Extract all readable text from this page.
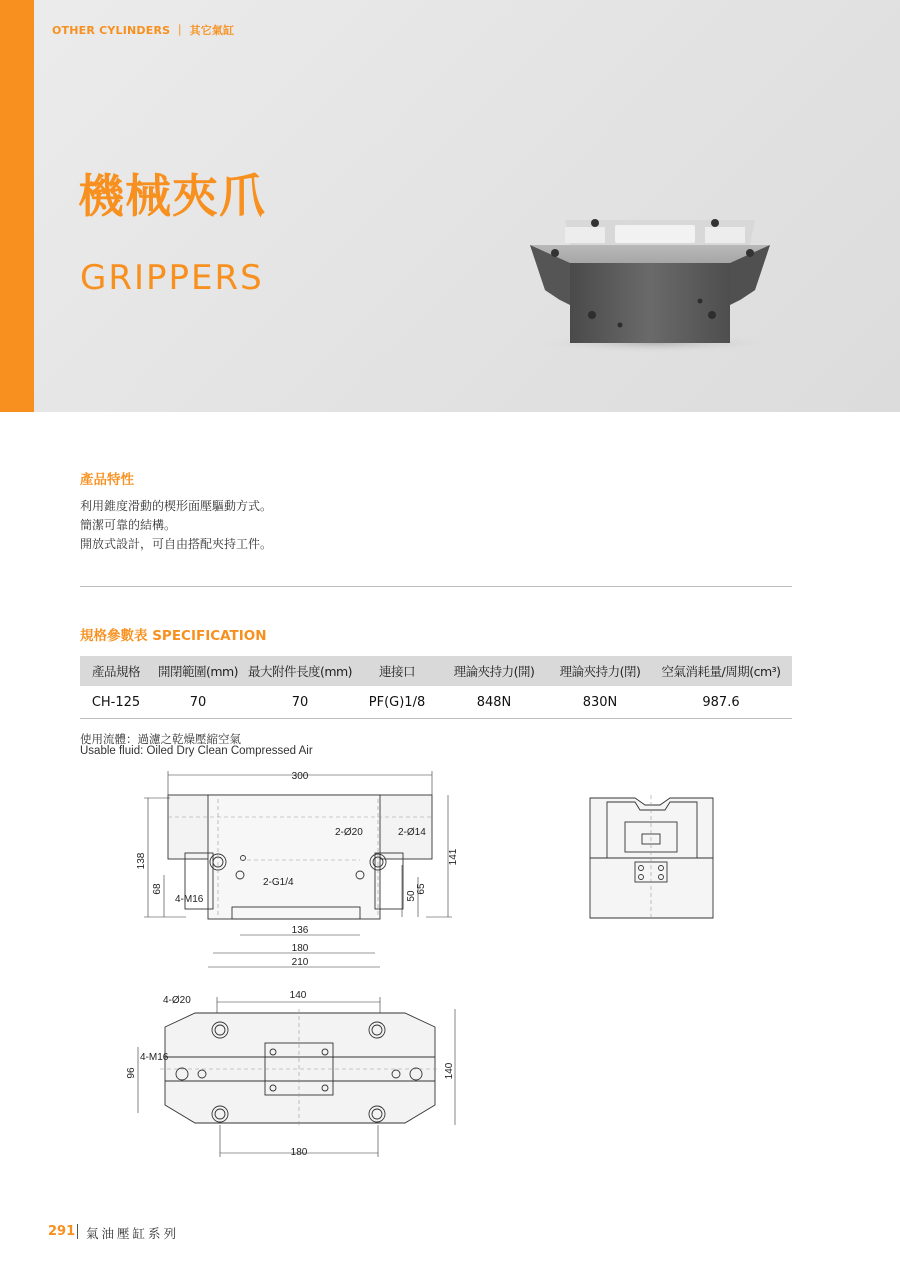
OTHER CYLINDERS ｜ 其它氣缸
機械夾爪
GRIPPERS
產品特性
利用錐度滑動的楔形面壓驅動方式。
簡潔可靠的結構。
開放式設計，可自由搭配夾持工件。
規格參數表 SPECIFICATION
產品規格	開閉範圍(mm)	最大附件長度(mm)	連接口	理論夾持力(開)	理論夾持力(閉)	空氣消耗量/周期(cm³)
CH-125	70	70	PF(G)1/8	848N	830N	987.6
使用流體：過濾之乾燥壓縮空氣
Usable fluid: Oiled Dry Clean Compressed Air
300
138	141
2-Ø20	2-Ø14
2-G1/4
4-M16
68
50
65
136
180
210
140
4-Ø20
4-M16
96	140
180
291 氣油壓缸系列
